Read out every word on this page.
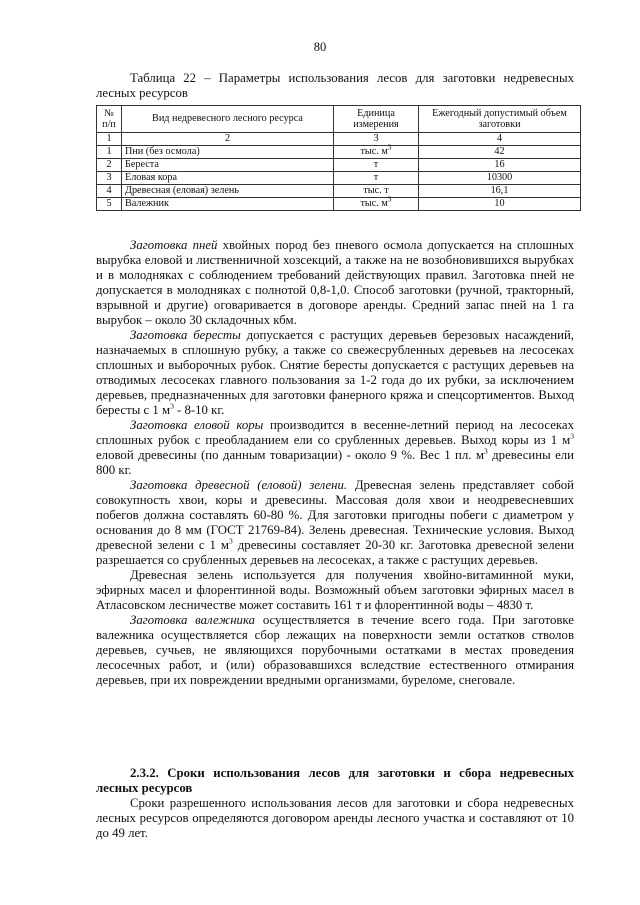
80
Таблица 22 – Параметры использования лесов для заготовки недревесных лесных ресурсов
№ п/п	Вид недревесного лесного ресурса	Единица измерения	Ежегодный допустимый объем заготовки
1	2	3	4
1	Пни (без осмола)	тыс. $м^3$	42
2	Береста	т	16
3	Еловая кора	т	10300
4	Древесная (еловая) зелень	тыс. т	16,1
5	Валежник	тыс. $м^3$	10

Заготовка пней хвойных пород без пневого осмола допускается на сплошных вырубка еловой и лиственничной хозсекций, а также на не возобновившихся вырубках и в молодняках с соблюдением требований действующих правил. Заготовка пней не допускается в молодняках с полнотой 0,8-1,0. Способ заготовки (ручной, тракторный, взрывной и другие) оговаривается в договоре аренды. Средний запас пней на 1 га вырубок – около 30 складочных кбм.

Заготовка бересты допускается с растущих деревьев березовых насаждений, назначаемых в сплошную рубку, а также со свежесрубленных деревьев на лесосеках сплошных и выборочных рубок. Снятие бересты допускается с растущих деревьев на отводимых лесосеках главного пользования за 1-2 года до их рубки, за исключением деревьев, предназначенных для заготовки фанерного кряжа и спецсортиментов. Выход бересты с 1 $м^3 - 8-10$ кг.

Заготовка еловой коры производится в весенне-летний период на лесосеках сплошных рубок с преобладанием ели со срубленных деревьев. Выход коры из 1 $м^3$ еловой древесины (по данным товаризации) - около 9 %. Вес 1 пл. $м^3$ древесины ели 800 кг.

Заготовка древесной (еловой) зелени. Древесная зелень представляет собой совокупность хвои, коры и древесины. Массовая доля хвои и неодревесневших побегов должна составлять 60-80 %. Для заготовки пригодны побеги с диаметром у основания до 8 мм (ГОСТ 21769-84). Зелень древесная. Технические условия. Выход древесной зелени с 1 $м^3$ древесины составляет 20-30 кг. Заготовка древесной зелени разрешается со срубленных деревьев на лесосеках, а также с растущих деревьев.

Древесная зелень используется для получения хвойно-витаминной муки, эфирных масел и флорентинной воды. Возможный объем заготовки эфирных масел в Атласовском лесничестве может составить 161 т и флорентинной воды – 4830 т.

Заготовка валежника осуществляется в течение всего года. При заготовке валежника осуществляется сбор лежащих на поверхности земли остатков стволов деревьев, сучьев, не являющихся порубочными остатками в местах проведения лесосечных работ, и (или) образовавшихся вследствие естественного отмирания деревьев, при их повреждении вредными организмами, буреломе, снеговале.

2.3.2. Сроки использования лесов для заготовки и сбора недревесных лесных ресурсов

Сроки разрешенного использования лесов для заготовки и сбора недревесных лесных ресурсов определяются договором аренды лесного участка и составляют от 10 до 49 лет.
